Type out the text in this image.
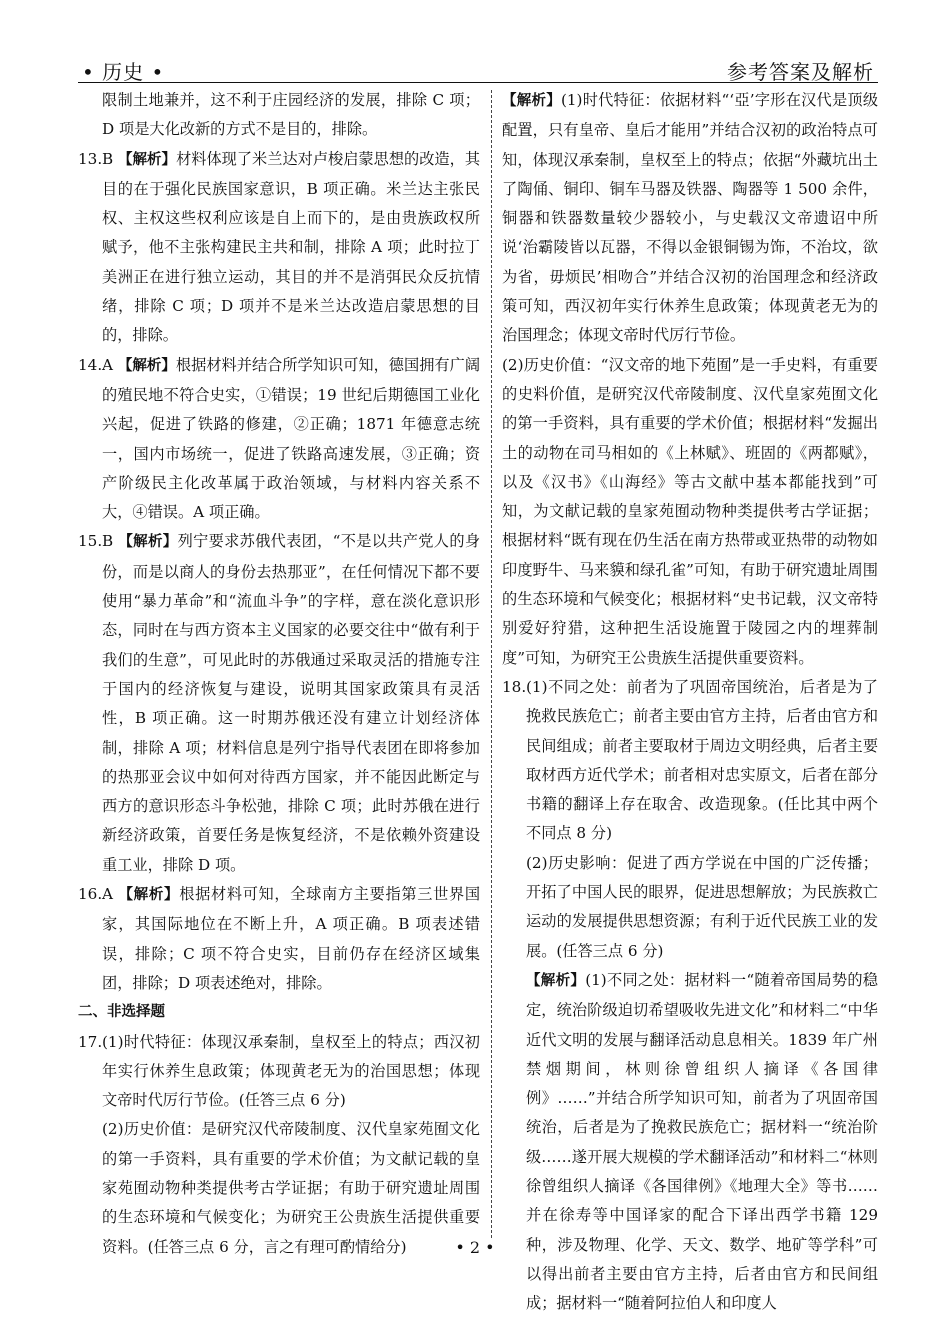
• 历史 •	参考答案及解析

限制土地兼并，这不利于庄园经济的发展，排除 C 项；D 项是大化改新的方式不是目的，排除。

13.B 【解析】材料体现了米兰达对卢梭启蒙思想的改造，其目的在于强化民族国家意识，B 项正确。米兰达主张民权、主权这些权利应该是自上而下的，是由贵族政权所赋予，他不主张构建民主共和制，排除 A 项；此时拉丁美洲正在进行独立运动，其目的并不是消弭民众反抗情绪，排除 C 项；D 项并不是米兰达改造启蒙思想的目的，排除。

14.A 【解析】根据材料并结合所学知识可知，德国拥有广阔的殖民地不符合史实，①错误；19 世纪后期德国工业化兴起，促进了铁路的修建，②正确；1871 年德意志统一，国内市场统一，促进了铁路高速发展，③正确；资产阶级民主化改革属于政治领域，与材料内容关系不大，④错误。A 项正确。

15.B 【解析】列宁要求苏俄代表团，“不是以共产党人的身份，而是以商人的身份去热那亚”，在任何情况下都不要使用“暴力革命”和“流血斗争”的字样，意在淡化意识形态，同时在与西方资本主义国家的必要交往中“做有利于我们的生意”，可见此时的苏俄通过采取灵活的措施专注于国内的经济恢复与建设，说明其国家政策具有灵活性，B 项正确。这一时期苏俄还没有建立计划经济体制，排除 A 项；材料信息是列宁指导代表团在即将参加的热那亚会议中如何对待西方国家，并不能因此断定与西方的意识形态斗争松弛，排除 C 项；此时苏俄在进行新经济政策，首要任务是恢复经济，不是依赖外资建设重工业，排除 D 项。

16.A 【解析】根据材料可知，全球南方主要指第三世界国家，其国际地位在不断上升，A 项正确。B 项表述错误，排除；C 项不符合史实，目前仍存在经济区域集团，排除；D 项表述绝对，排除。

二、非选择题

17.(1)时代特征：体现汉承秦制，皇权至上的特点；西汉初年实行休养生息政策；体现黄老无为的治国思想；体现文帝时代厉行节俭。(任答三点 6 分)

(2)历史价值：是研究汉代帝陵制度、汉代皇家苑囿文化的第一手资料，具有重要的学术价值；为文献记载的皇家苑囿动物种类提供考古学证据；有助于研究遗址周围的生态环境和气候变化；为研究王公贵族生活提供重要资料。(任答三点 6 分，言之有理可酌情给分)

【解析】(1)时代特征：依据材料“‘亞’字形在汉代是顶级配置，只有皇帝、皇后才能用”并结合汉初的政治特点可知，体现汉承秦制，皇权至上的特点；依据“外藏坑出土了陶俑、铜印、铜车马器及铁器、陶器等 1 500 余件，铜器和铁器数量较少器较小，与史载汉文帝遗诏中所说‘治霸陵皆以瓦器，不得以金银铜锡为饰，不治坟，欲为省，毋烦民’相吻合”并结合汉初的治国理念和经济政策可知，西汉初年实行休养生息政策；体现黄老无为的治国理念；体现文帝时代厉行节俭。

(2)历史价值：“汉文帝的地下苑囿”是一手史料，有重要的史料价值，是研究汉代帝陵制度、汉代皇家苑囿文化的第一手资料，具有重要的学术价值；根据材料“发掘出土的动物在司马相如的《上林赋》、班固的《两都赋》，以及《汉书》《山海经》等古文献中基本都能找到”可知，为文献记载的皇家苑囿动物种类提供考古学证据；根据材料“既有现在仍生活在南方热带或亚热带的动物如印度野牛、马来貘和绿孔雀”可知，有助于研究遗址周围的生态环境和气候变化；根据材料“史书记载，汉文帝特别爱好狩猎，这种把生活设施置于陵园之内的埋葬制度”可知，为研究王公贵族生活提供重要资料。

18.(1)不同之处：前者为了巩固帝国统治，后者是为了挽救民族危亡；前者主要由官方主持，后者由官方和民间组成；前者主要取材于周边文明经典，后者主要取材西方近代学术；前者相对忠实原文，后者在部分书籍的翻译上存在取舍、改造现象。(任比其中两个不同点 8 分)

(2)历史影响：促进了西方学说在中国的广泛传播；开拓了中国人民的眼界，促进思想解放；为民族救亡运动的发展提供思想资源；有利于近代民族工业的发展。(任答三点 6 分)

【解析】(1)不同之处：据材料一“随着帝国局势的稳定，统治阶级迫切希望吸收先进文化”和材料二“中华近代文明的发展与翻译活动息息相关。1839 年广州禁烟期间，林则徐曾组织人摘译《各国律例》……”并结合所学知识可知，前者为了巩固帝国统治，后者是为了挽救民族危亡；据材料一“统治阶级……遂开展大规模的学术翻译活动”和材料二“林则徐曾组织人摘译《各国律例》《地理大全》等书……并在徐寿等中国译家的配合下译出西学书籍 129 种，涉及物理、化学、天文、数学、地矿等学科”可以得出前者主要由官方主持，后者由官方和民间组成；据材料一“随着阿拉伯人和印度人

• 2 •
